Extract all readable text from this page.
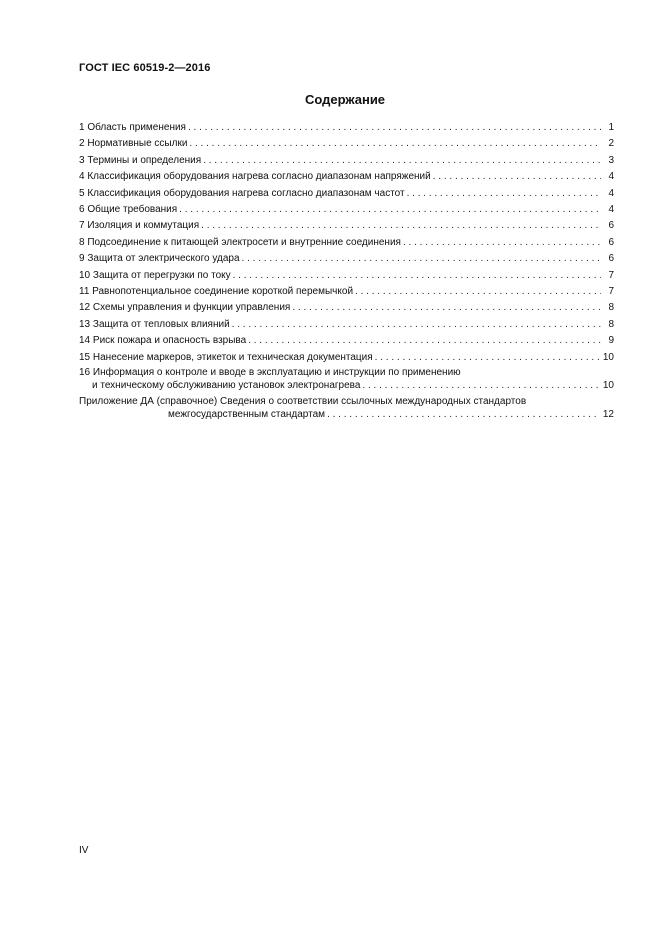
ГОСТ IEC 60519-2—2016
Содержание
1 Область применения . . .	1
2 Нормативные ссылки . . .	2
3 Термины и определения . . .	3
4 Классификация оборудования нагрева согласно диапазонам напряжений . . .	4
5 Классификация оборудования нагрева согласно диапазонам частот . . .	4
6 Общие требования . . .	4
7 Изоляция и коммутация . . .	6
8 Подсоединение к питающей электросети и внутренние соединения . . .	6
9 Защита от электрического удара . . .	6
10 Защита от перегрузки по току . . .	7
11 Равнопотенциальное соединение короткой перемычкой . . .	7
12 Схемы управления и функции управления . . .	8
13 Защита от тепловых влияний . . .	8
14 Риск пожара и опасность взрыва . . .	9
15 Нанесение маркеров, этикеток и техническая документация . . .	10
16 Информация о контроле и вводе в эксплуатацию и инструкции по применению
и техническому обслуживанию установок электронагрева . . .	10
Приложение ДА (справочное) Сведения о соответствии ссылочных международных стандартов
межгосударственным стандартам . . .	12
IV
